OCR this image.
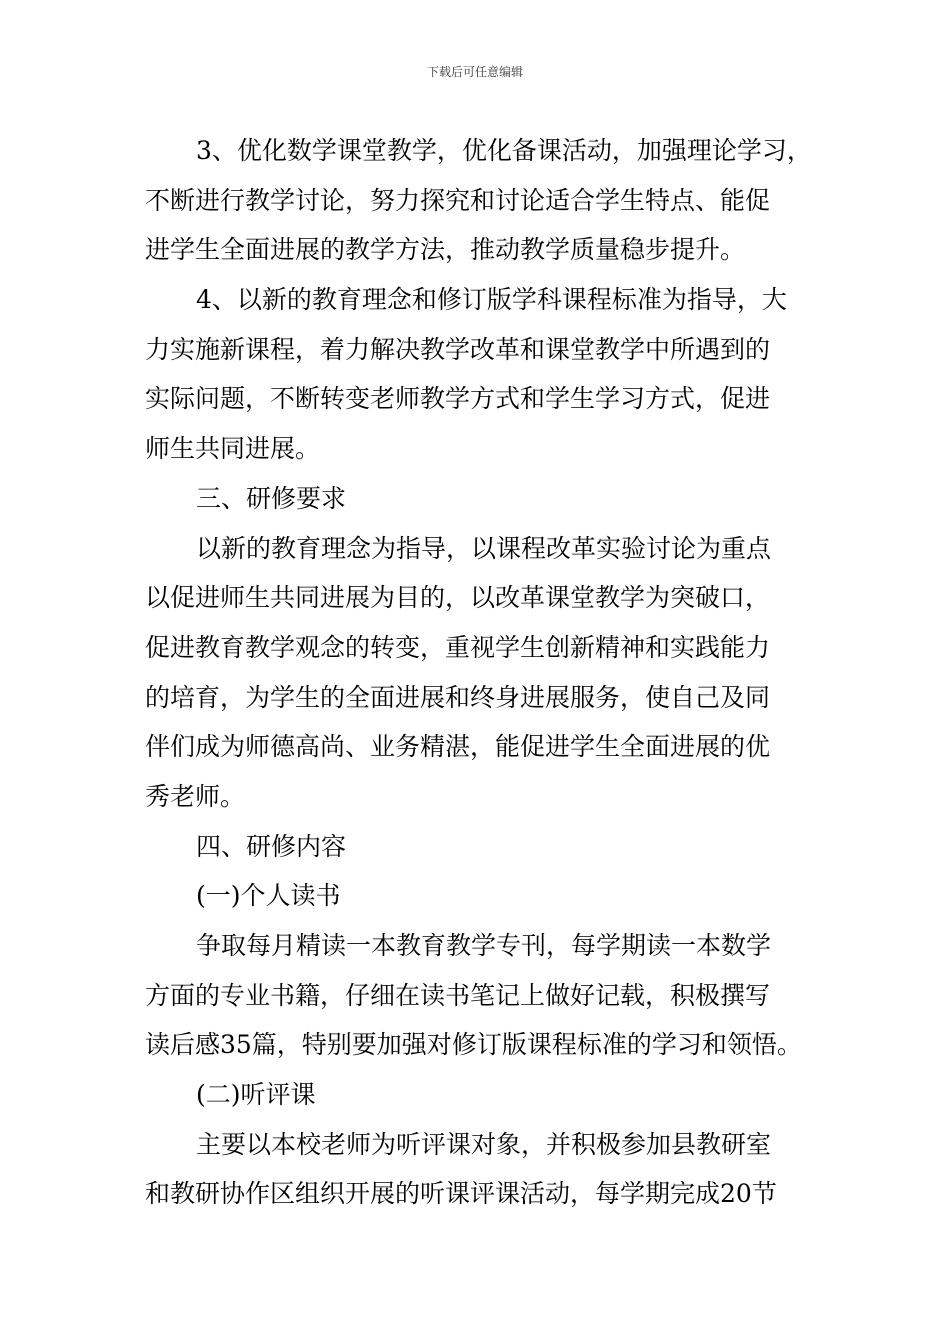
下载后可任意编辑
3、优化数学课堂教学，优化备课活动，加强理论学习，
不断进行教学讨论，努力探究和讨论适合学生特点、能促
进学生全面进展的教学方法，推动教学质量稳步提升。
4、以新的教育理念和修订版学科课程标准为指导，大
力实施新课程，着力解决教学改革和课堂教学中所遇到的
实际问题，不断转变老师教学方式和学生学习方式，促进
师生共同进展。
三、研修要求
以新的教育理念为指导，以课程改革实验讨论为重点
以促进师生共同进展为目的，以改革课堂教学为突破口，
促进教育教学观念的转变，重视学生创新精神和实践能力
的培育，为学生的全面进展和终身进展服务，使自己及同
伴们成为师德高尚、业务精湛，能促进学生全面进展的优
秀老师。
四、研修内容
(一)个人读书
争取每月精读一本教育教学专刊，每学期读一本数学
方面的专业书籍，仔细在读书笔记上做好记载，积极撰写
读后感35篇，特别要加强对修订版课程标准的学习和领悟。
(二)听评课
主要以本校老师为听评课对象，并积极参加县教研室
和教研协作区组织开展的听课评课活动，每学期完成20节
